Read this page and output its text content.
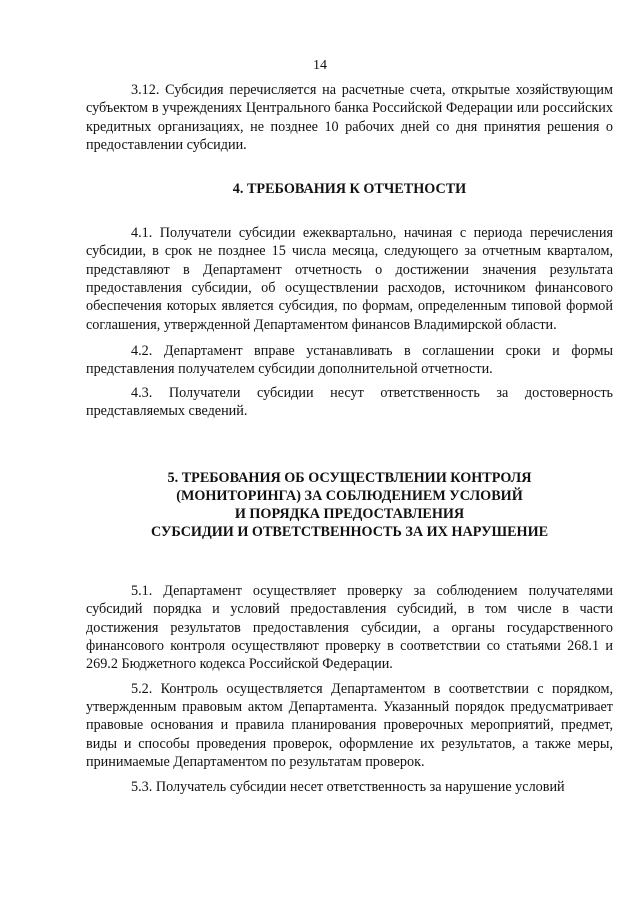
14

3.12. Субсидия перечисляется на расчетные счета, открытые хозяйствующим субъектом в учреждениях Центрального банка Российской Федерации или российских кредитных организациях, не позднее 10 рабочих дней со дня принятия решения о предоставлении субсидии.

4. ТРЕБОВАНИЯ К ОТЧЕТНОСТИ

4.1. Получатели субсидии ежеквартально, начиная с периода перечисления субсидии, в срок не позднее 15 числа месяца, следующего за отчетным кварталом, представляют в Департамент отчетность о достижении значения результата предоставления субсидии, об осуществлении расходов, источником финансового обеспечения которых является субсидия, по формам, определенным типовой формой соглашения, утвержденной Департаментом финансов Владимирской области.

4.2. Департамент вправе устанавливать в соглашении сроки и формы представления получателем субсидии дополнительной отчетности.

4.3. Получатели субсидии несут ответственность за достоверность представляемых сведений.

5. ТРЕБОВАНИЯ ОБ ОСУЩЕСТВЛЕНИИ КОНТРОЛЯ
(МОНИТОРИНГА) ЗА СОБЛЮДЕНИЕМ УСЛОВИЙ
И ПОРЯДКА ПРЕДОСТАВЛЕНИЯ
СУБСИДИИ И ОТВЕТСТВЕННОСТЬ ЗА ИХ НАРУШЕНИЕ

5.1. Департамент осуществляет проверку за соблюдением получателями субсидий порядка и условий предоставления субсидий, в том числе в части достижения результатов предоставления субсидии, а органы государственного финансового контроля осуществляют проверку в соответствии со статьями 268.1 и 269.2 Бюджетного кодекса Российской Федерации.

5.2. Контроль осуществляется Департаментом в соответствии с порядком, утвержденным правовым актом Департамента. Указанный порядок предусматривает правовые основания и правила планирования проверочных мероприятий, предмет, виды и способы проведения проверок, оформление их результатов, а также меры, принимаемые Департаментом по результатам проверок.

5.3. Получатель субсидии несет ответственность за нарушение условий
